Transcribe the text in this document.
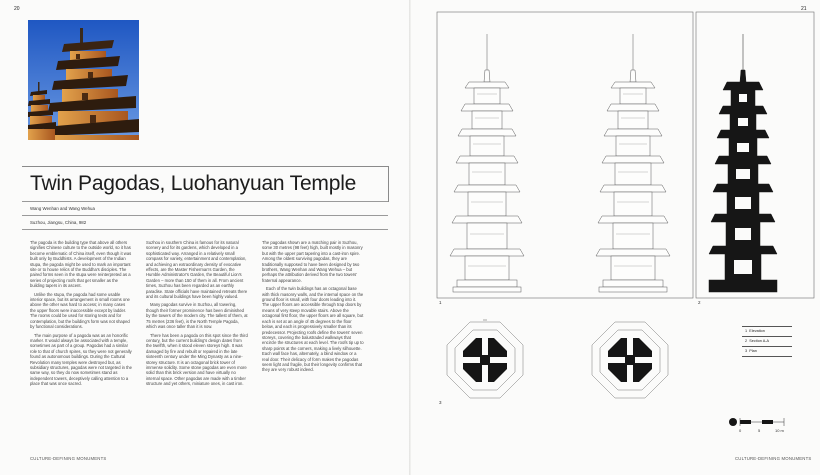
20	21
Twin Pagodas, Luohanyuan Temple
Wang Wenhan and Wang Wehua
Suzhou, Jiangsu, China, 982

The pagoda is the building type that above all others signifies Chinese culture to the outside world, so it has become emblematic of China itself, even though it was built only by Buddhists. A development of the Indian stupa, the pagoda might be used to mark an important site or to house relics of the Buddha's disciples. The paired forms seen in the stupa were reinterpreted as a series of projecting roofs that get smaller as the building tapers in its ascent.

Unlike the stupa, the pagoda had some usable interior space, but its arrangement in small rooms one above the other was hard to access; in many cases the upper floors were inaccessible except by ladder. The rooms could be used for storing texts and for contemplation, but the building's form was not shaped by functional considerations.

The main purpose of a pagoda was as an honorific marker. It would always be associated with a temple, sometimes as part of a group. Pagodas had a similar role to that of church spires, so they were not generally found as autonomous buildings. During the Cultural Revolution many temples were destroyed but, as subsidiary structures, pagodas were not targeted in the same way, so they do now sometimes stand as independent towers, deceptively calling attention to a place that was once sacred.

Suzhou in southern China is famous for its natural scenery and for its gardens, which developed in a sophisticated way. Arranged in a relatively small compass for variety, entertainment and contemplation, and achieving an extraordinary density of evocative effects, are the Master Fisherman's Garden, the Humble Administrator's Garden, the Beautiful Lion's Garden – more than 150 of them in all. From ancient times, Suzhou has been regarded as an earthly paradise. State officials have maintained retreats there and its cultural buildings have been highly valued.

Many pagodas survive in Suzhou, all towering, though their former prominence has been diminished by the towers of the modern city. The tallest of them, at 75 metres (236 feet), is the North Temple Pagoda, which was once taller than it is now.

There has been a pagoda on this spot since the third century, but the current building's design dates from the twelfth, when it stood eleven storeys high. It was damaged by fire and rebuilt or repaired in the late sixteenth century under the Ming Dynasty as a nine-storey structure. It is an octagonal brick tower of immense solidity. Some stone pagodas are even more solid than this brick version and have virtually no internal space. Other pagodas are made with a timber structure and yet others, miniature ones, in cast iron.

The pagodas shown are a matching pair in Suzhou, some 30 metres (98 feet) high, built mostly in masonry but with the upper part tapering into a cast-iron spire. Among the oldest surviving pagodas, they are traditionally supposed to have been designed by two brothers, Wang Wenhan and Wang Wehua – but perhaps the attribution derived from the two towers' fraternal appearance.

Each of the twin buildings has an octagonal base with thick masonry walls, and the internal space on the ground floor is small, with four doors leading into it. The upper floors are accessible through trap doors by means of very steep movable stairs. Above the octagonal first floor, the upper floors are all square, but each is set at an angle of 45 degrees to the floor below, and each is progressively smaller than its predecessor. Projecting roofs define the towers' seven storeys, covering the balustraded walkways that encircle the structures at each level. The roofs tip up to sharp points at the corners, making a lively silhouette. Each wall face has, alternately, a blind window or a real door. Their delicacy of form makes the pagodas seem light and fragile, but their longevity confirms that they are very robust indeed.

CULTURE-DEFINING MONUMENTS	CULTURE-DEFINING MONUMENTS
1	2
3
1 Elevation
2 Section A-A
3 Plan
0	5	10 m
